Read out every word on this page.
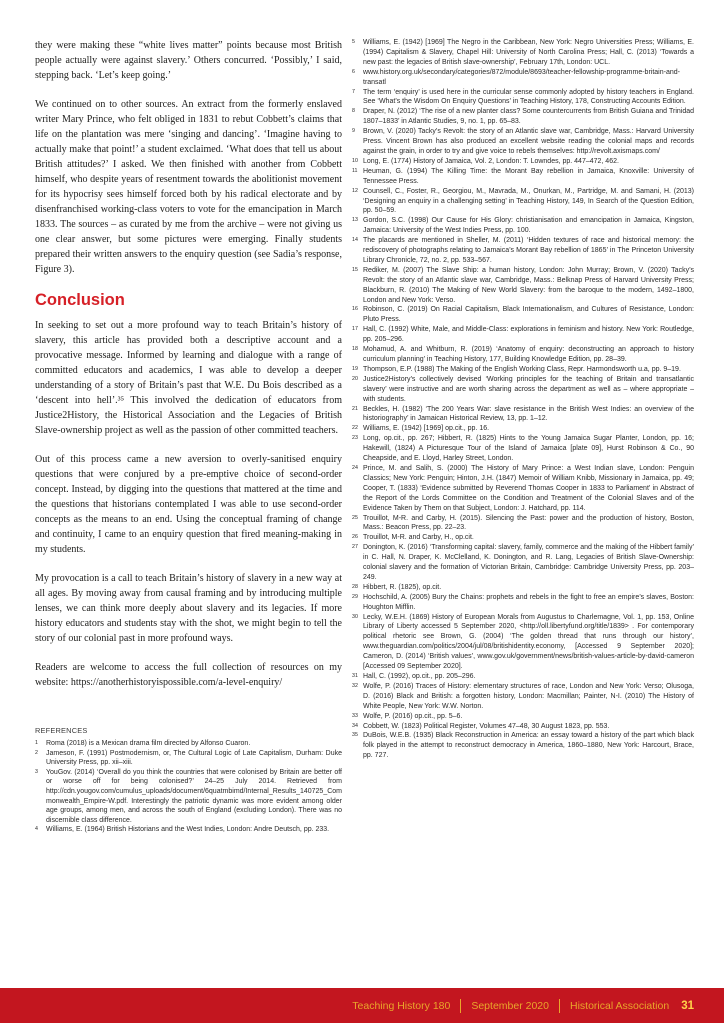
they were making these “white lives matter” points because most British people actually were against slavery.’ Others concurred. ‘Possibly,’ I said, stepping back. ‘Let’s keep going.’

We continued on to other sources. An extract from the formerly enslaved writer Mary Prince, who felt obliged in 1831 to rebut Cobbett’s claims that life on the plantation was mere ‘singing and dancing’. ‘Imagine having to actually make that point!’ a student exclaimed. ‘What does that tell us about British attitudes?’ I asked. We then finished with another from Cobbett himself, who despite years of resentment towards the abolitionist movement for its hypocrisy sees himself forced both by his radical electorate and by disenfranchised working-class voters to vote for the emancipation in March 1833. The sources – as curated by me from the archive – were not giving us one clear answer, but some pictures were emerging. Finally students prepared their written answers to the enquiry question (see Sadia’s response, Figure 3).

Conclusion

In seeking to set out a more profound way to teach Britain’s history of slavery, this article has provided both a descriptive account and a provocative message. Informed by learning and dialogue with a range of committed educators and academics, I was able to develop a deeper understanding of a story of Britain’s past that W.E. Du Bois described as a ‘descent into hell’.³⁵ This involved the dedication of educators from Justice2History, the Historical Association and the Legacies of British Slave-ownership project as well as the passion of other committed teachers.

Out of this process came a new aversion to overly-sanitised enquiry questions that were conjured by a pre-emptive choice of second-order concept. Instead, by digging into the questions that mattered at the time and the questions that historians contemplated I was able to use second-order concepts as the means to an end. Using the conceptual framing of change and continuity, I came to an enquiry question that fired meaning-making in my students.

My provocation is a call to teach Britain’s history of slavery in a new way at all ages. By moving away from causal framing and by introducing multiple lenses, we can think more deeply about slavery and its legacies. If more history educators and students stay with the shot, we might begin to tell the story of our colonial past in more profound ways.

Readers are welcome to access the full collection of resources on my website: https://anotherhistoryispossible.com/a-level-enquiry/

REFERENCES
1 Roma (2018) is a Mexican drama film directed by Alfonso Cuaron.
2 Jameson, F. (1991) Postmodernism, or, The Cultural Logic of Late Capitalism, Durham: Duke University Press, pp. xii–xiii.
3 YouGov. (2014) ‘Overall do you think the countries that were colonised by Britain are better off or worse off for being colonised?’ 24–25 July 2014. Retrieved from http://cdn.yougov.com/cumulus_uploads/document/6quatmbimd/Internal_Results_140725_Commonwealth_Empire-W.pdf. Interestingly the patriotic dynamic was more evident among older age groups, among men, and across the south of England (excluding London). There was no discernible class difference.
4 Williams, E. (1964) British Historians and the West Indies, London: Andre Deutsch, pp. 233.
5 Williams, E. (1942) [1969] The Negro in the Caribbean, New York: Negro Universities Press; Williams, E. (1994) Capitalism & Slavery, Chapel Hill: University of North Carolina Press; Hall, C. (2013) ‘Towards a new past: the legacies of British slave-ownership’, February 17th, London: UCL.
6 www.history.org.uk/secondary/categories/872/module/8693/teacher-fellowship-programme-britain-and-transatl
7 The term ‘enquiry’ is used here in the curricular sense commonly adopted by history teachers in England. See ‘What’s the Wisdom On Enquiry Questions’ in Teaching History, 178, Constructing Accounts Edition.
8 Draper, N. (2012) ‘The rise of a new planter class? Some countercurrents from British Guiana and Trinidad 1807–1833’ in Atlantic Studies, 9, no. 1, pp. 65–83.
9 Brown, V. (2020) Tacky’s Revolt: the story of an Atlantic slave war, Cambridge, Mass.: Harvard University Press. Vincent Brown has also produced an excellent website reading the colonial maps and records against the grain, in order to try and give voice to rebels themselves: http://revolt.axismaps.com/
10 Long, E. (1774) History of Jamaica, Vol. 2, London: T. Lowndes, pp. 447–472, 462.
11 Heuman, G. (1994) The Killing Time: the Morant Bay rebellion in Jamaica, Knoxville: University of Tennessee Press.
12 Counsell, C., Foster, R., Georgiou, M., Mavrada, M., Onurkan, M., Partridge, M. and Samani, H. (2013) ‘Designing an enquiry in a challenging setting’ in Teaching History, 149, In Search of the Question Edition, pp. 50–59.
13 Gordon, S.C. (1998) Our Cause for His Glory: christianisation and emancipation in Jamaica, Kingston, Jamaica: University of the West Indies Press, pp. 100.
14 The placards are mentioned in Sheller, M. (2011) ‘Hidden textures of race and historical memory: the rediscovery of photographs relating to Jamaica’s Morant Bay rebellion of 1865’ in The Princeton University Library Chronicle, 72, no. 2, pp. 533–567.
15 Rediker, M. (2007) The Slave Ship: a human history, London: John Murray; Brown, V. (2020) Tacky’s Revolt: the story of an Atlantic slave war, Cambridge, Mass.: Belknap Press of Harvard University Press; Blackburn, R. (2010) The Making of New World Slavery: from the baroque to the modern, 1492–1800, London and New York: Verso.
16 Robinson, C. (2019) On Racial Capitalism, Black Internationalism, and Cultures of Resistance, London: Pluto Press.
17 Hall, C. (1992) White, Male, and Middle-Class: explorations in feminism and history. New York: Routledge, pp. 205–296.
18 Mohamud, A. and Whitburn, R. (2019) ‘Anatomy of enquiry: deconstructing an approach to history curriculum planning’ in Teaching History, 177, Building Knowledge Edition, pp. 28–39.
19 Thompson, E.P. (1988) The Making of the English Working Class, Repr. Harmondsworth u.a, pp. 9–19.
20 Justice2History’s collectively devised ‘Working principles for the teaching of Britain and transatlantic slavery’ were instructive and are worth sharing across the department as well as – where appropriate – with students.
21 Beckles, H. (1982) ‘The 200 Years War: slave resistance in the British West Indies: an overview of the historiography’ in Jamaican Historical Review, 13, pp. 1–12.
22 Williams, E. (1942) [1969] op.cit., pp. 16.
23 Long, op.cit., pp. 267; Hibbert, R. (1825) Hints to the Young Jamaica Sugar Planter, London, pp. 16; Hakewill, (1824) A Picturesque Tour of the Island of Jamaica [plate 09], Hurst Robinson & Co., 90 Cheapside, and E. Lloyd, Harley Street, London.
24 Prince, M. and Salih, S. (2000) The History of Mary Prince: a West Indian slave, London: Penguin Classics; New York: Penguin; Hinton, J.H. (1847) Memoir of William Knibb, Missionary in Jamaica, pp. 49; Cooper, T. (1833) ‘Evidence submitted by Reverend Thomas Cooper in 1833 to Parliament’ in Abstract of the Report of the Lords Committee on the Condition and Treatment of the Colonial Slaves and of the Evidence Taken by Them on that Subject, London: J. Hatchard, pp. 114.
25 Trouillot, M-R. and Carby, H. (2015). Silencing the Past: power and the production of history, Boston, Mass.: Beacon Press, pp. 22–23.
26 Trouillot, M-R. and Carby, H., op.cit.
27 Donington, K. (2016) ‘Transforming capital: slavery, family, commerce and the making of the Hibbert family’ in C. Hall, N. Draper, K. McClelland, K. Donington, and R. Lang, Legacies of British Slave-Ownership: colonial slavery and the formation of Victorian Britain, Cambridge: Cambridge University Press, pp. 203–249.
28 Hibbert, R. (1825), op.cit.
29 Hochschild, A. (2005) Bury the Chains: prophets and rebels in the fight to free an empire’s slaves, Boston: Houghton Mifflin.
30 Lecky, W.E.H. (1869) History of European Morals from Augustus to Charlemagne, Vol. 1, pp. 153, Online Library of Liberty accessed 5 September 2020, <http://oll.libertyfund.org/title/1839> . For contemporary political rhetoric see Brown, G. (2004) ‘The golden thread that runs through our history’, www.theguardian.com/politics/2004/jul/08/britishidentity.economy, [Accessed 9 September 2020]; Cameron, D. (2014) ‘British values’, www.gov.uk/government/news/british-values-article-by-david-cameron [Accessed 09 September 2020].
31 Hall, C. (1992), op.cit., pp. 205–296.
32 Wolfe, P. (2016) Traces of History: elementary structures of race, London and New York: Verso; Olusoga, D. (2016) Black and British: a forgotten history, London: Macmillan; Painter, N-I. (2010) The History of White People, New York: W.W. Norton.
33 Wolfe, P. (2016) op.cit., pp. 5–6.
34 Cobbett, W. (1823) Political Register, Volumes 47–48, 30 August 1823, pp. 553.
35 DuBois, W.E.B. (1935) Black Reconstruction in America: an essay toward a history of the part which black folk played in the attempt to reconstruct democracy in America, 1860–1880, New York: Harcourt, Brace, pp. 727.
Teaching History 180 September 2020 Historical Association 31
